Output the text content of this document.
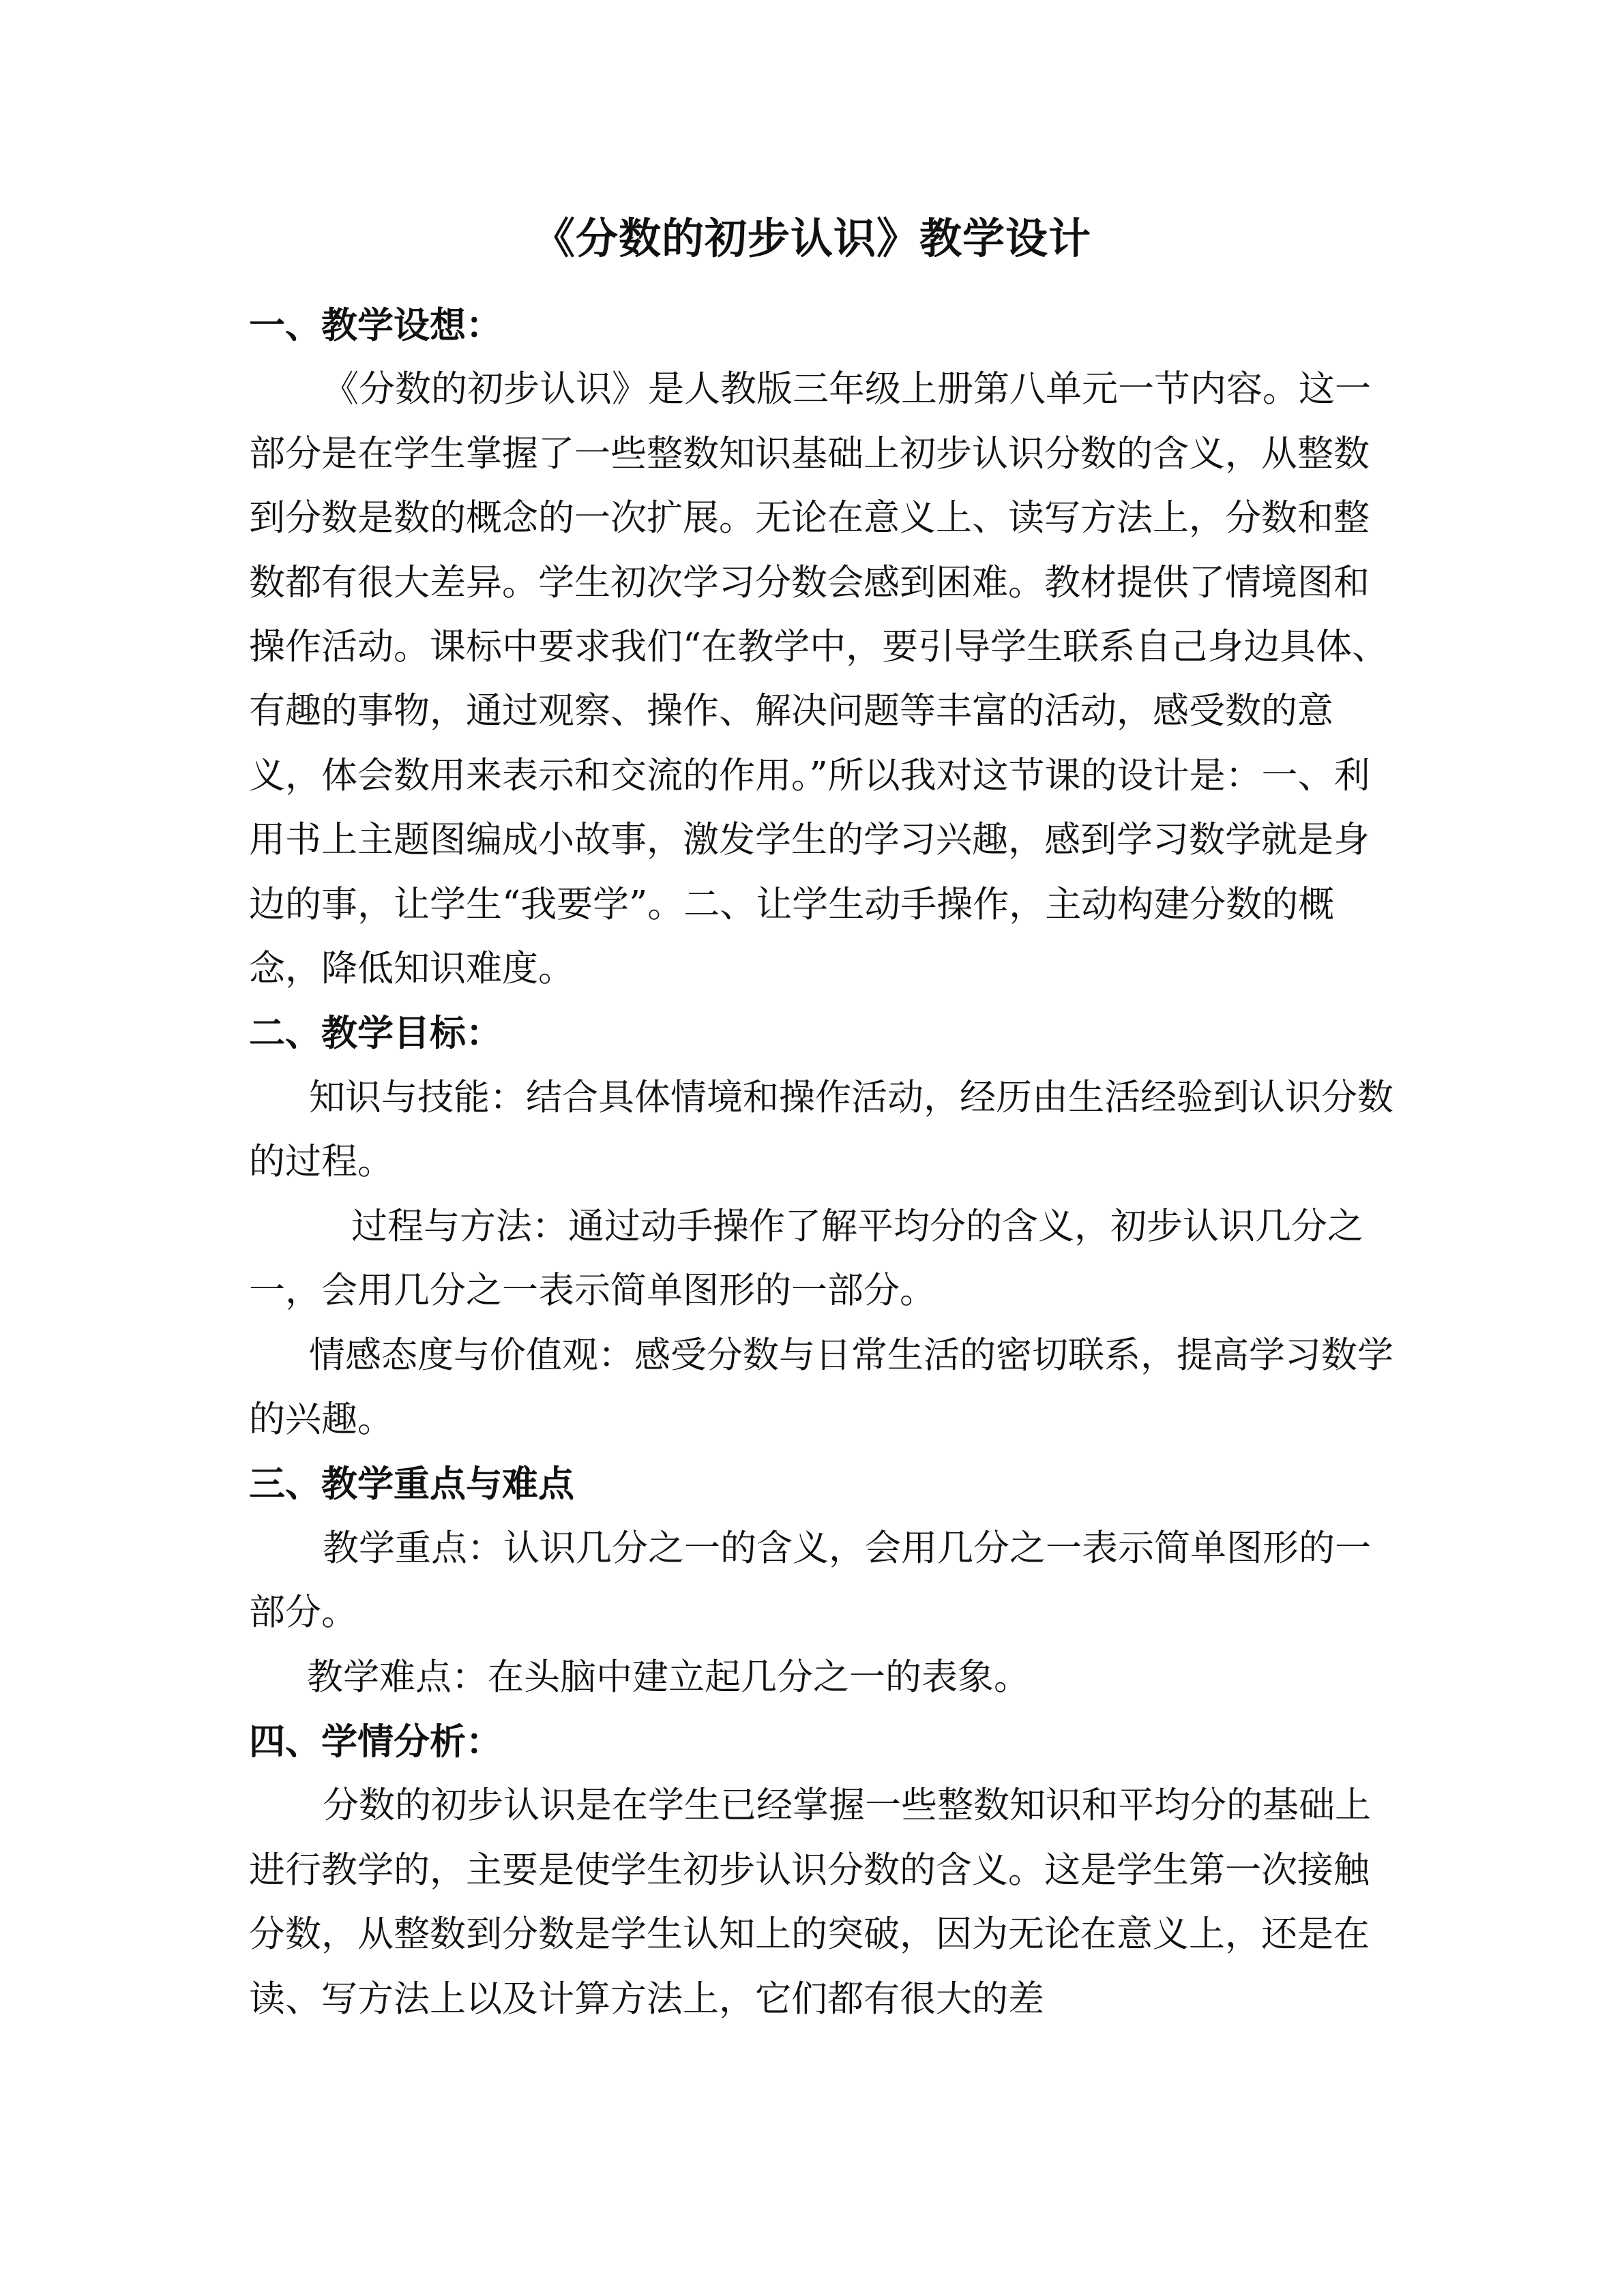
《分数的初步认识》教学设计

一、教学设想：

《分数的初步认识》是人教版三年级上册第八单元一节内容。这一部分是在学生掌握了一些整数知识基础上初步认识分数的含义，从整数到分数是数的概念的一次扩展。无论在意义上、读写方法上，分数和整数都有很大差异。学生初次学习分数会感到困难。教材提供了情境图和操作活动。课标中要求我们“在教学中，要引导学生联系自己身边具体、有趣的事物，通过观察、操作、解决问题等丰富的活动，感受数的意义，体会数用来表示和交流的作用。”所以我对这节课的设计是：一、利用书上主题图编成小故事，激发学生的学习兴趣，感到学习数学就是身边的事，让学生“我要学”。二、让学生动手操作，主动构建分数的概念，降低知识难度。

二、教学目标：

知识与技能：结合具体情境和操作活动，经历由生活经验到认识分数的过程。

过程与方法：通过动手操作了解平均分的含义，初步认识几分之一，会用几分之一表示简单图形的一部分。

情感态度与价值观：感受分数与日常生活的密切联系，提高学习数学的兴趣。

三、教学重点与难点

教学重点：认识几分之一的含义，会用几分之一表示简单图形的一部分。

教学难点：在头脑中建立起几分之一的表象。

四、学情分析：

分数的初步认识是在学生已经掌握一些整数知识和平均分的基础上进行教学的，主要是使学生初步认识分数的含义。这是学生第一次接触分数，从整数到分数是学生认知上的突破，因为无论在意义上，还是在读、写方法上以及计算方法上，它们都有很大的差
